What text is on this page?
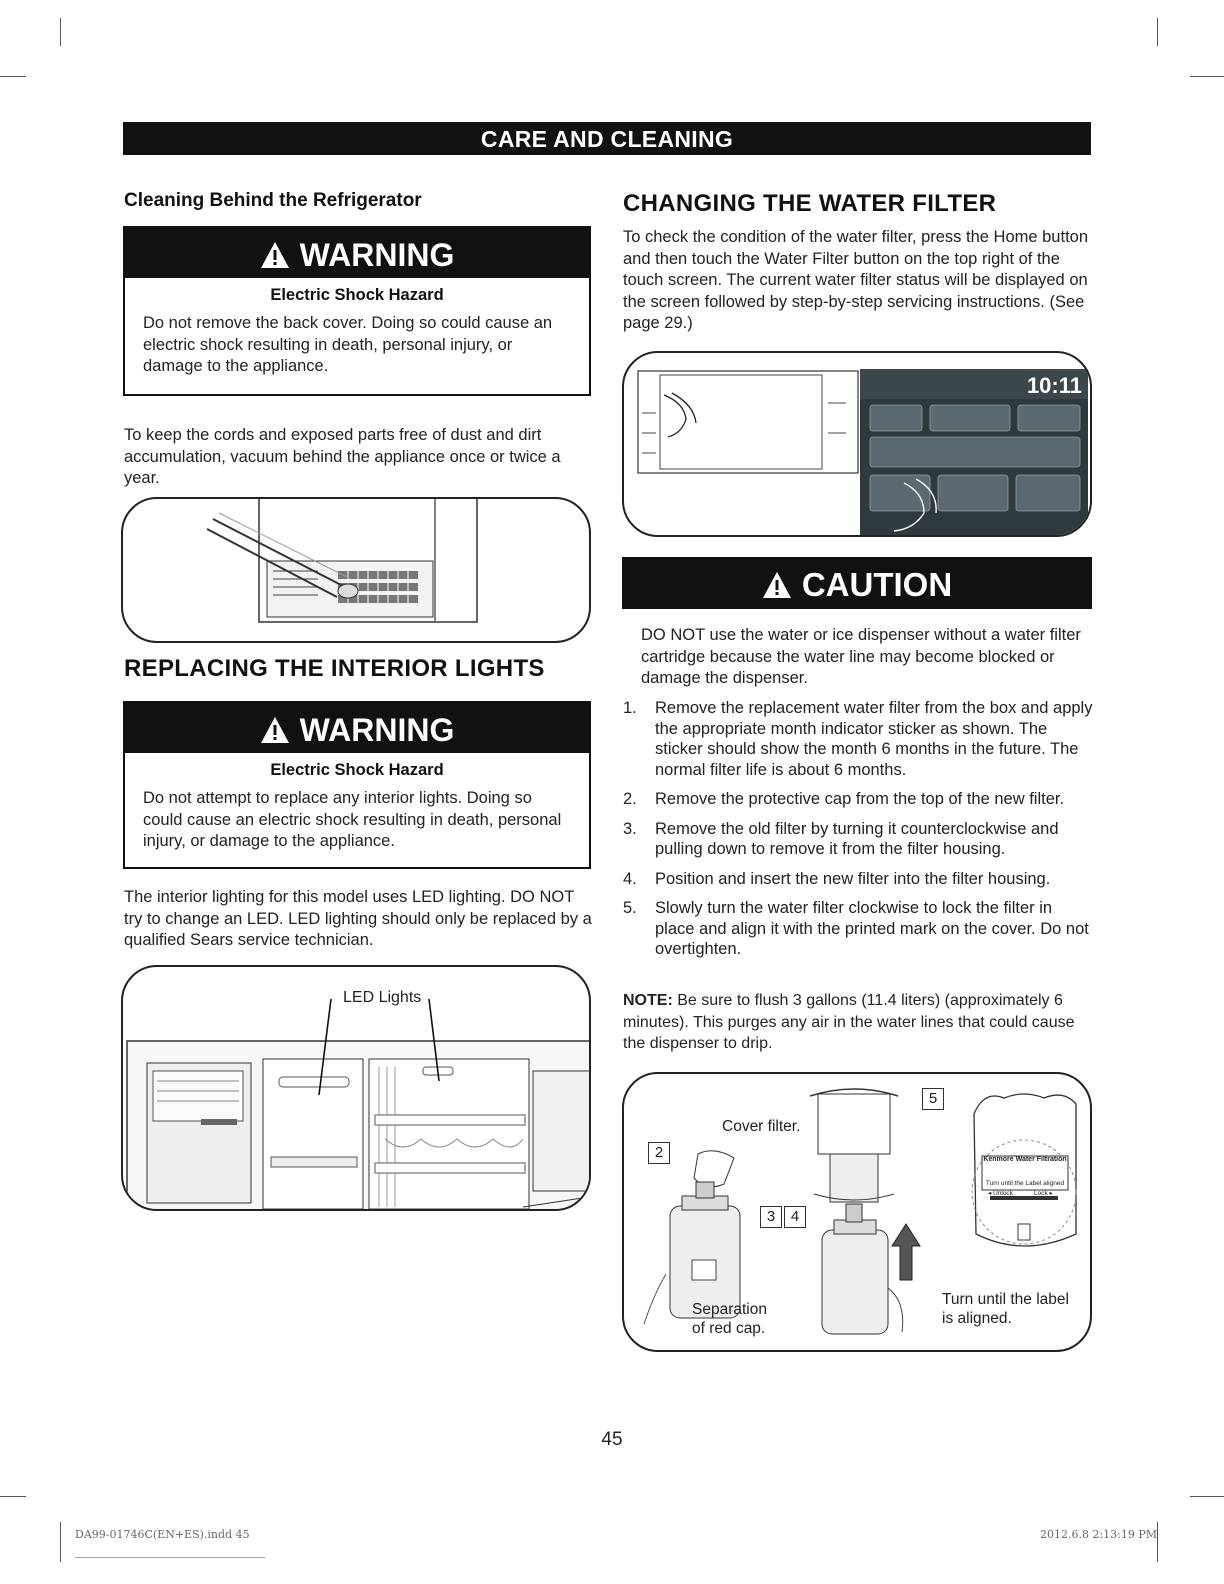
CARE AND CLEANING
Cleaning Behind the Refrigerator
WARNING
Electric Shock Hazard
Do not remove the back cover. Doing so could cause an electric shock resulting in death, personal injury, or damage to the appliance.
To keep the cords and exposed parts free of dust and dirt accumulation, vacuum behind the appliance once or twice a year.
REPLACING THE INTERIOR LIGHTS
WARNING
Electric Shock Hazard
Do not attempt to replace any interior lights. Doing so could cause an electric shock resulting in death, personal injury, or damage to the appliance.
The interior lighting for this model uses LED lighting. DO NOT try to change an LED. LED lighting should only be replaced by a qualified Sears service technician.
LED Lights
CHANGING THE WATER FILTER
To check the condition of the water filter, press the Home button and then touch the Water Filter button on the top right of the touch screen. The current water filter status will be displayed on the screen followed by step-by-step servicing instructions. (See page 29.)
10:11
CAUTION
DO NOT use the water or ice dispenser without a water filter cartridge because the water line may become blocked or damage the dispenser.
1. Remove the replacement water filter from the box and apply the appropriate month indicator sticker as shown. The sticker should show the month 6 months in the future. The normal filter life is about 6 months.
2. Remove the protective cap from the top of the new filter.
3. Remove the old filter by turning it counterclockwise and pulling down to remove it from the filter housing.
4. Position and insert the new filter into the filter housing.
5. Slowly turn the water filter clockwise to lock the filter in place and align it with the printed mark on the cover. Do not overtighten.
NOTE: Be sure to flush 3 gallons (11.4 liters) (approximately 6 minutes). This purges any air in the water lines that could cause the dispenser to drip.
Cover filter.
Separation
of red cap.
Turn until the label
is aligned.
2
3	4
5
Kenmore Water Filtration
Turn until the Label aligned
◂ Unlock	Lock ▸
45
DA99-01746C(EN+ES).indd 45	2012.6.8 2:13:19 PM
